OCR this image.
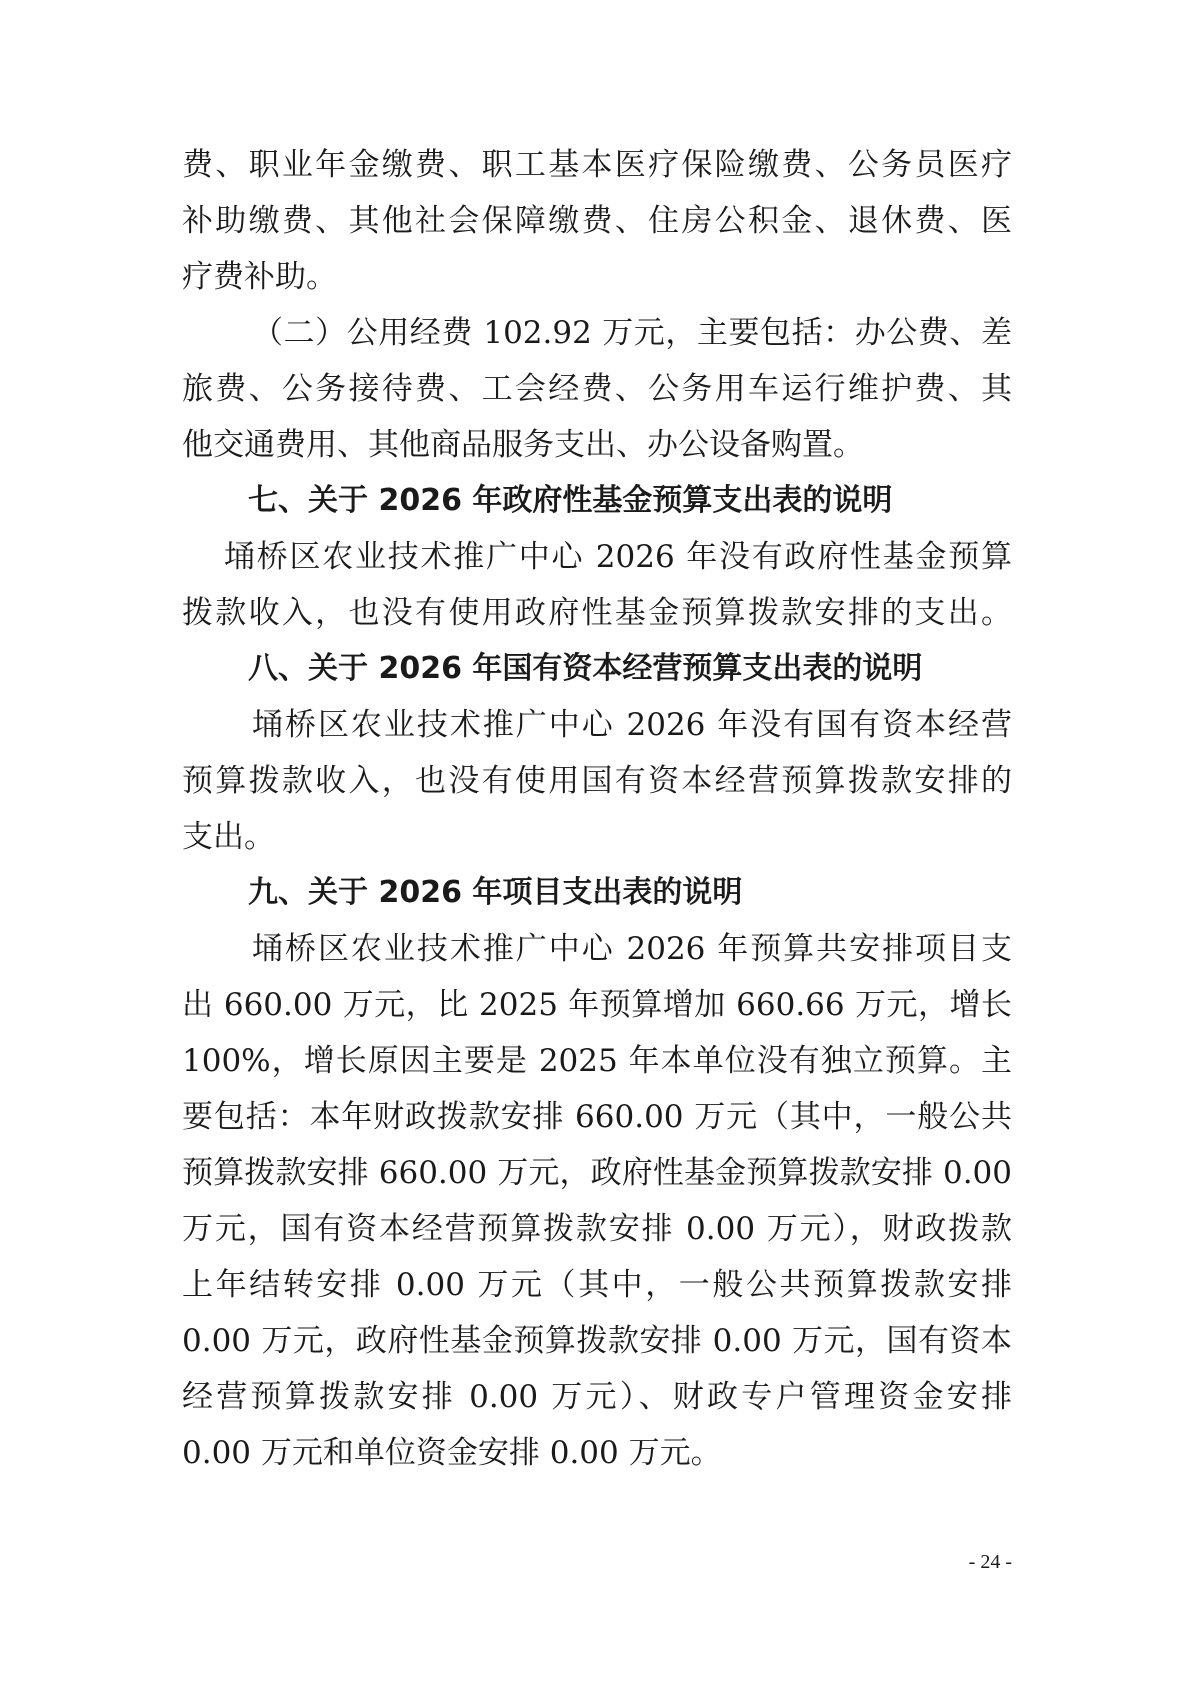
费、职业年金缴费、职工基本医疗保险缴费、公务员医疗
补助缴费、其他社会保障缴费、住房公积金、退休费、医
疗费补助。
（二）公用经费 102.92 万元，主要包括：办公费、差
旅费、公务接待费、工会经费、公务用车运行维护费、其
他交通费用、其他商品服务支出、办公设备购置。
七、关于 2026 年政府性基金预算支出表的说明
埇桥区农业技术推广中心 2026 年没有政府性基金预算
拨款收入，也没有使用政府性基金预算拨款安排的支出。
八、关于 2026 年国有资本经营预算支出表的说明
埇桥区农业技术推广中心 2026 年没有国有资本经营
预算拨款收入，也没有使用国有资本经营预算拨款安排的
支出。
九、关于 2026 年项目支出表的说明
埇桥区农业技术推广中心 2026 年预算共安排项目支
出 660.00 万元，比 2025 年预算增加 660.66 万元，增长
100%，增长原因主要是 2025 年本单位没有独立预算。主
要包括：本年财政拨款安排 660.00 万元（其中，一般公共
预算拨款安排 660.00 万元，政府性基金预算拨款安排 0.00
万元，国有资本经营预算拨款安排 0.00 万元），财政拨款
上年结转安排 0.00 万元（其中，一般公共预算拨款安排
0.00 万元，政府性基金预算拨款安排 0.00 万元，国有资本
经营预算拨款安排 0.00 万元）、财政专户管理资金安排
0.00 万元和单位资金安排 0.00 万元。
- 24 -
